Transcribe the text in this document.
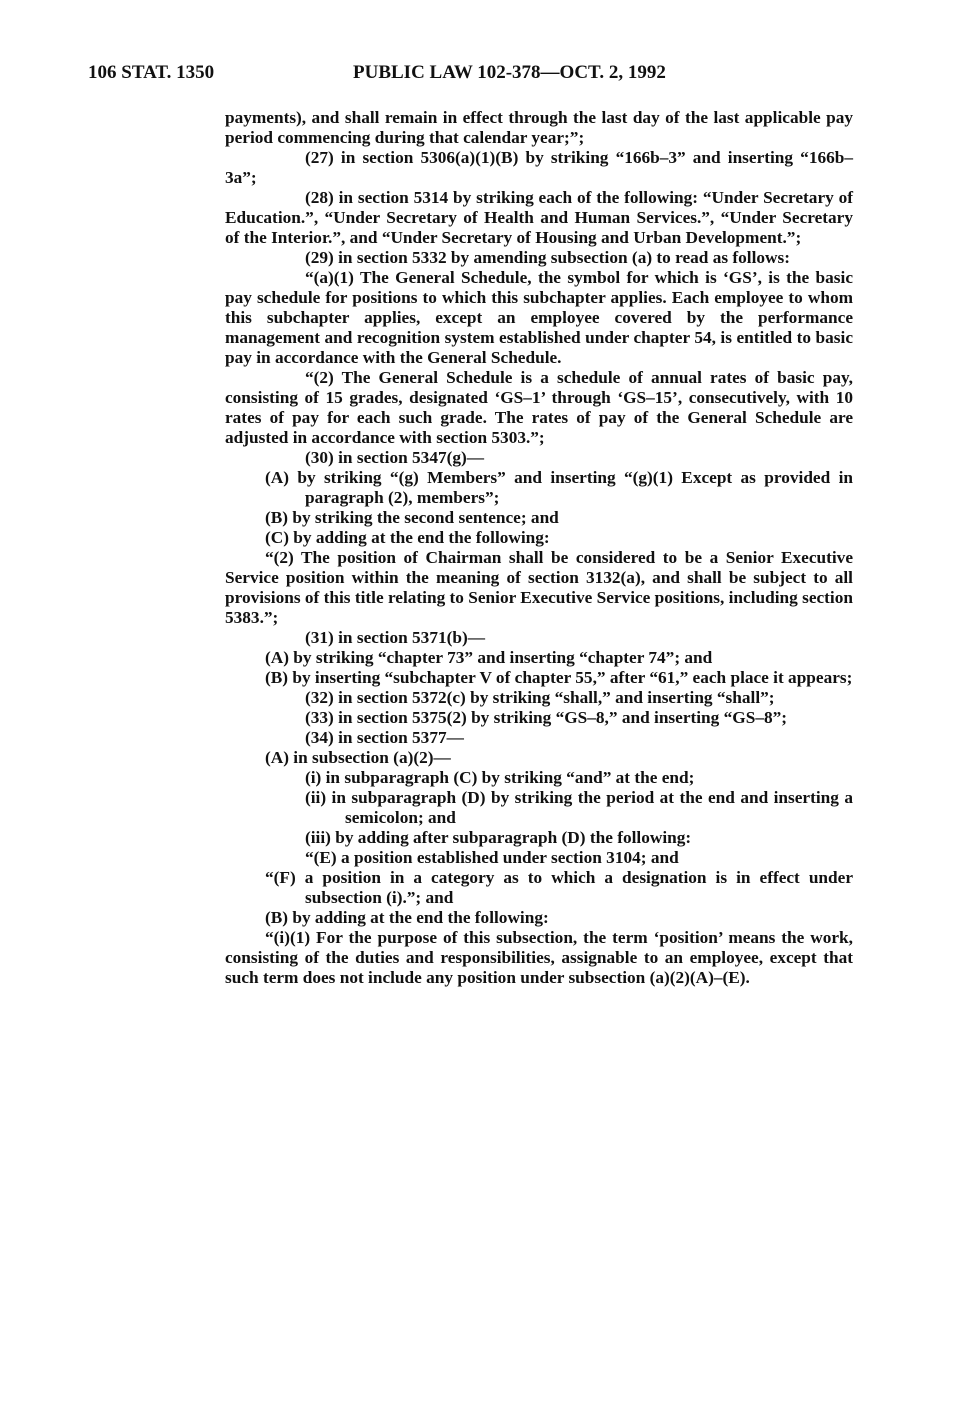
106 STAT. 1350	PUBLIC LAW 102-378—OCT. 2, 1992

payments), and shall remain in effect through the last day of the last applicable pay period commencing during that calendar year;”;

(27) in section 5306(a)(1)(B) by striking “166b–3” and inserting “166b–3a”;

(28) in section 5314 by striking each of the following: “Under Secretary of Education.”, “Under Secretary of Health and Human Services.”, “Under Secretary of the Interior.”, and “Under Secretary of Housing and Urban Development.”;

(29) in section 5332 by amending subsection (a) to read as follows:

“(a)(1) The General Schedule, the symbol for which is ‘GS’, is the basic pay schedule for positions to which this subchapter applies. Each employee to whom this subchapter applies, except an employee covered by the performance management and recognition system established under chapter 54, is entitled to basic pay in accordance with the General Schedule.

“(2) The General Schedule is a schedule of annual rates of basic pay, consisting of 15 grades, designated ‘GS–1’ through ‘GS–15’, consecutively, with 10 rates of pay for each such grade. The rates of pay of the General Schedule are adjusted in accordance with section 5303.”;

(30) in section 5347(g)—

(A) by striking “(g) Members” and inserting “(g)(1) Except as provided in paragraph (2), members”;

(B) by striking the second sentence; and

(C) by adding at the end the following:

“(2) The position of Chairman shall be considered to be a Senior Executive Service position within the meaning of section 3132(a), and shall be subject to all provisions of this title relating to Senior Executive Service positions, including section 5383.”;

(31) in section 5371(b)—

(A) by striking “chapter 73” and inserting “chapter 74”; and

(B) by inserting “subchapter V of chapter 55,” after “61,” each place it appears;

(32) in section 5372(c) by striking “shall,” and inserting “shall”;

(33) in section 5375(2) by striking “GS–8,” and inserting “GS–8”;

(34) in section 5377—

(A) in subsection (a)(2)—

(i) in subparagraph (C) by striking “and” at the end;

(ii) in subparagraph (D) by striking the period at the end and inserting a semicolon; and

(iii) by adding after subparagraph (D) the following:

“(E) a position established under section 3104; and

“(F) a position in a category as to which a designation is in effect under subsection (i).”; and

(B) by adding at the end the following:

“(i)(1) For the purpose of this subsection, the term ‘position’ means the work, consisting of the duties and responsibilities, assignable to an employee, except that such term does not include any position under subsection (a)(2)(A)–(E).
